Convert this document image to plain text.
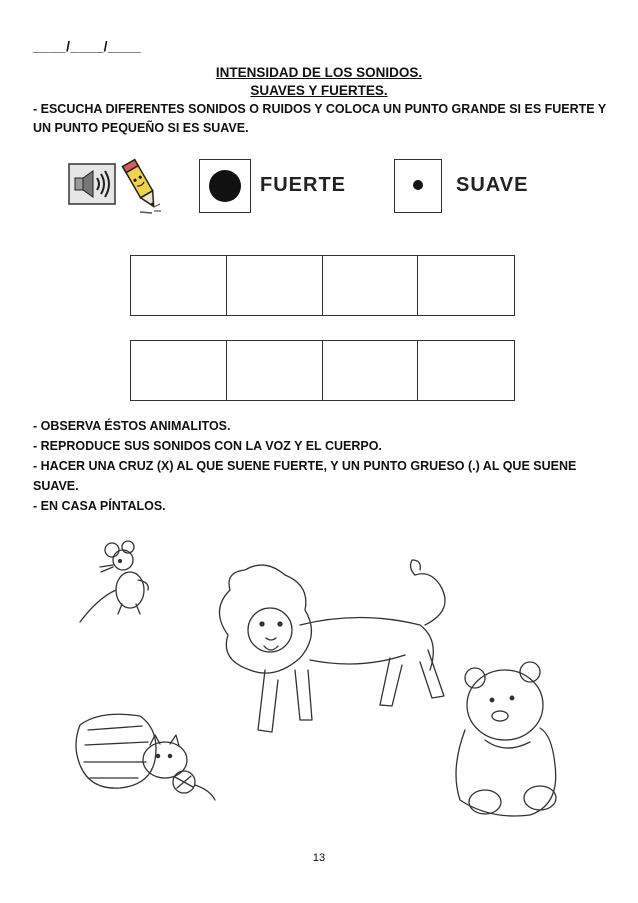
____/____/____
INTENSIDAD DE LOS SONIDOS.
SUAVES Y FUERTES.
- ESCUCHA DIFERENTES SONIDOS O RUIDOS Y COLOCA UN PUNTO GRANDE SI ES FUERTE Y UN PUNTO PEQUEÑO SI ES SUAVE.
FUERTE	SUAVE
- OBSERVA ÉSTOS ANIMALITOS.
- REPRODUCE SUS SONIDOS CON LA VOZ Y EL CUERPO.
- HACER UNA CRUZ (X) AL QUE SUENE FUERTE, Y UN PUNTO GRUESO (.) AL QUE SUENE SUAVE.
- EN CASA PÍNTALOS.
13
